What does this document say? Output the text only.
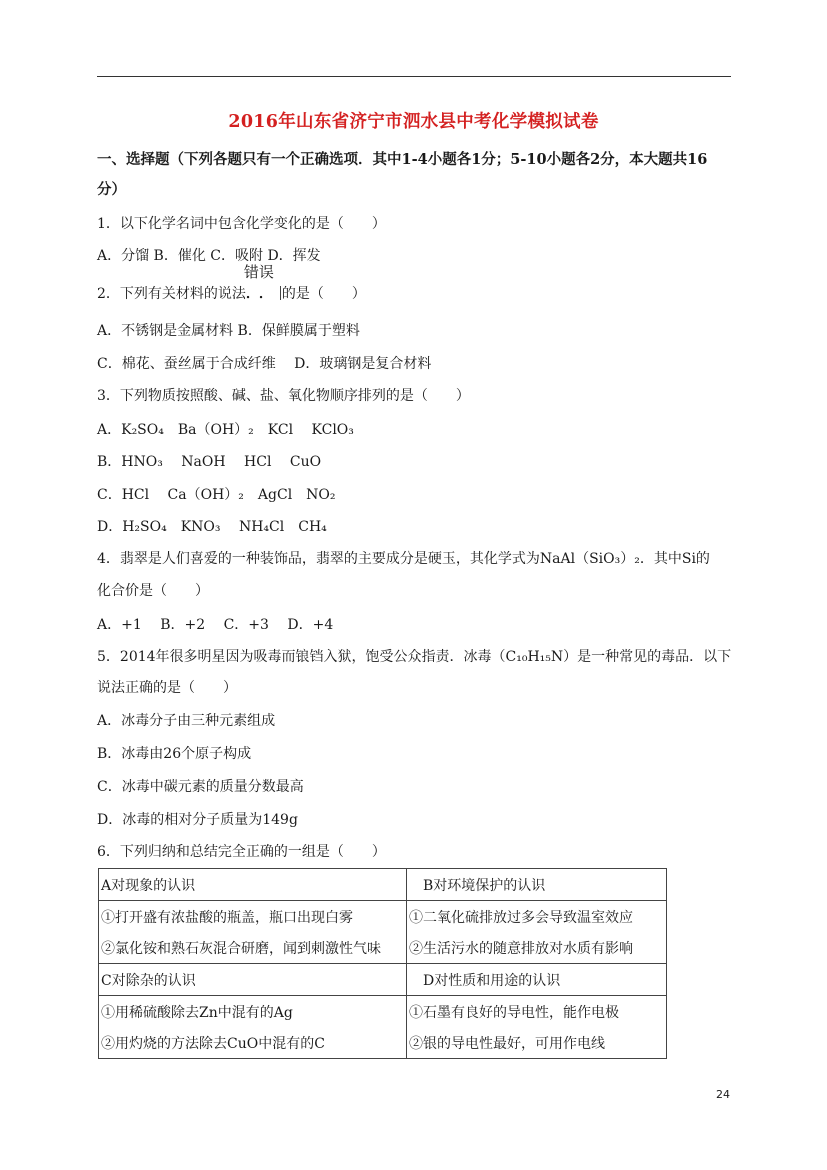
2016年山东省济宁市泗水县中考化学模拟试卷
一、选择题（下列各题只有一个正确选项．其中1-4小题各1分；5-10小题各2分，本大题共16
分）
1．以下化学名词中包含化学变化的是（　　）
A．分馏 B．催化 C．吸附 D．挥发
2．下列有关材料的说法
错误
．． 的是（　　）
A．不锈钢是金属材料 B．保鲜膜属于塑料
C．棉花、蚕丝属于合成纤维　 D．玻璃钢是复合材料
3．下列物质按照酸、碱、盐、氧化物顺序排列的是（　　）
A．K₂SO₄　Ba（OH）₂　KCl　 KClO₃
B．HNO₃　 NaOH　 HCl　 CuO
C．HCl　 Ca（OH）₂　AgCl　NO₂
D．H₂SO₄　KNO₃　 NH₄Cl　CH₄
4．翡翠是人们喜爱的一种装饰品，翡翠的主要成分是硬玉，其化学式为NaAl（SiO₃）₂．其中Si的
化合价是（　　）
A．+1　 B．+2　 C．+3　 D．+4
5．2014年很多明星因为吸毒而锒铛入狱，饱受公众指责．冰毒（C₁₀H₁₅N）是一种常见的毒品．以下
说法正确的是（　　）
A．冰毒分子由三种元素组成
B．冰毒由26个原子构成
C．冰毒中碳元素的质量分数最高
D．冰毒的相对分子质量为149g
6．下列归纳和总结完全正确的一组是（　　）
A对现象的认识	　B对环境保护的认识
①打开盛有浓盐酸的瓶盖，瓶口出现白雾	①二氧化硫排放过多会导致温室效应
②氯化铵和熟石灰混合研磨，闻到刺激性气味	②生活污水的随意排放对水质有影响
C对除杂的认识	　D对性质和用途的认识
①用稀硫酸除去Zn中混有的Ag	①石墨有良好的导电性，能作电极
②用灼烧的方法除去CuO中混有的C	②银的导电性最好，可用作电线
24
